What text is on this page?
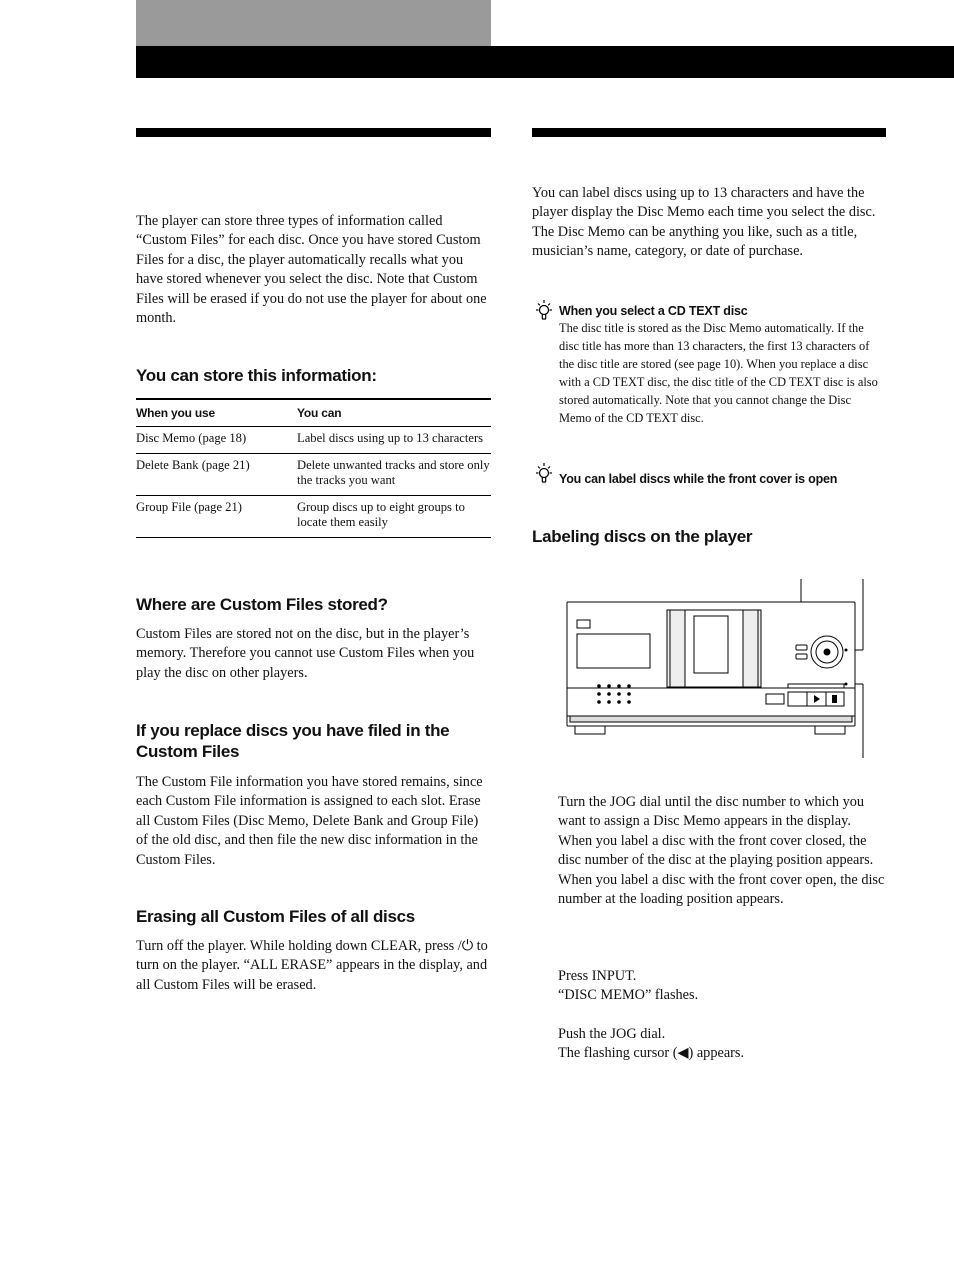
The player can store three types of information called “Custom Files” for each disc. Once you have stored Custom Files for a disc, the player automatically recalls what you have stored whenever you select the disc. Note that Custom Files will be erased if you do not use the player for about one month.

You can store this information:

When you use	You can
Disc Memo (page 18)	Label discs using up to 13 characters
Delete Bank (page 21)	Delete unwanted tracks and store only the tracks you want
Group File (page 21)	Group discs up to eight groups to locate them easily

Where are Custom Files stored?

Custom Files are stored not on the disc, but in the player’s memory. Therefore you cannot use Custom Files when you play the disc on other players.

If you replace discs you have filed in the Custom Files

The Custom File information you have stored remains, since each Custom File information is assigned to each slot. Erase all Custom Files (Disc Memo, Delete Bank and Group File) of the old disc, and then file the new disc information in the Custom Files.

Erasing all Custom Files of all discs

Turn off the player. While holding down CLEAR, press /⏻ to turn on the player. “ALL ERASE” appears in the display, and all Custom Files will be erased.

You can label discs using up to 13 characters and have the player display the Disc Memo each time you select the disc. The Disc Memo can be anything you like, such as a title, musician’s name, category, or date of purchase.

When you select a CD TEXT disc

The disc title is stored as the Disc Memo automatically. If the disc title has more than 13 characters, the first 13 characters of the disc title are stored (see page 10). When you replace a disc with a CD TEXT disc, the disc title of the CD TEXT disc is also stored automatically. Note that you cannot change the Disc Memo of the CD TEXT disc.

You can label discs while the front cover is open

Labeling discs on the player

Turn the JOG dial until the disc number to which you want to assign a Disc Memo appears in the display.

When you label a disc with the front cover closed, the disc number of the disc at the playing position appears.

When you label a disc with the front cover open, the disc number at the loading position appears.

Press INPUT.

“DISC MEMO” flashes.

Push the JOG dial.

The flashing cursor (◀) appears.
